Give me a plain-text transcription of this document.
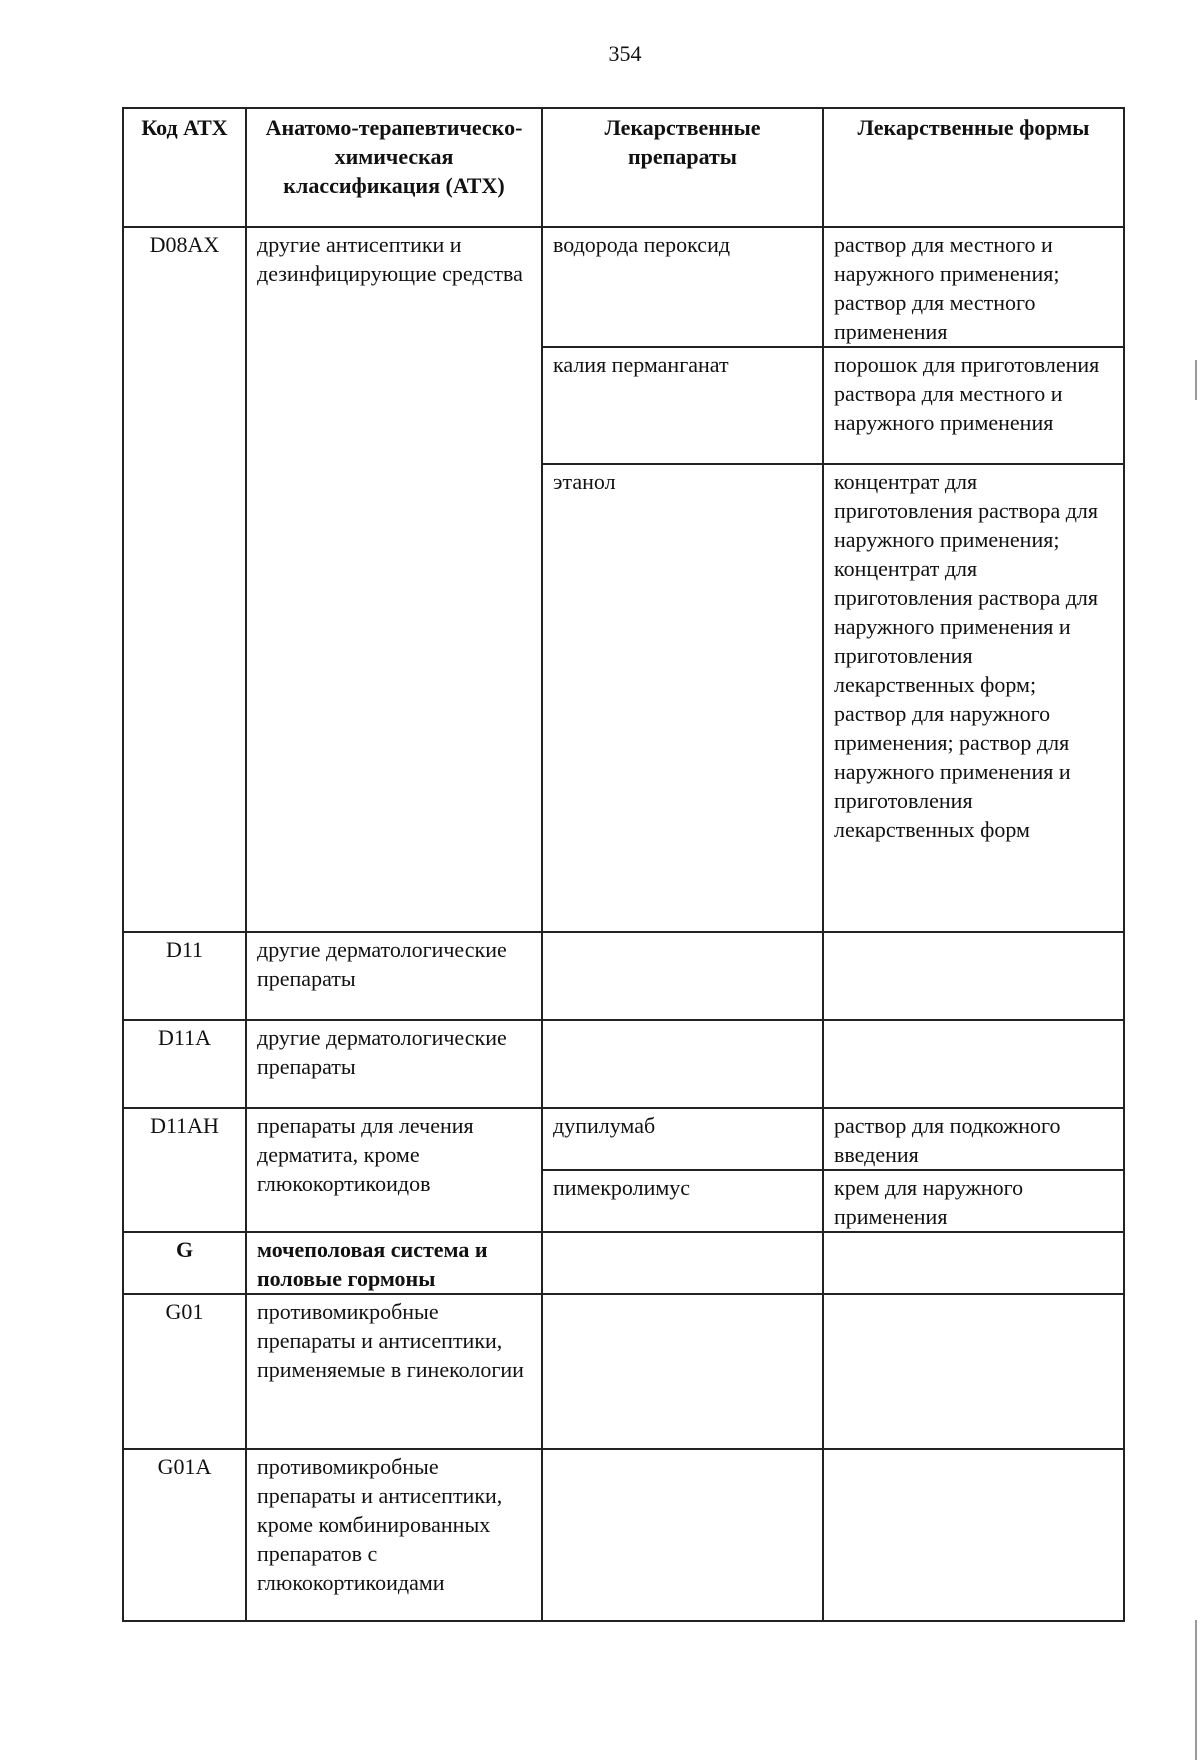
354
Код АТХ	Анатомо-терапевтическо-химическая классификация (АТХ)	Лекарственные препараты	Лекарственные формы
D08AX	другие антисептики и дезинфицирующие средства	водорода пероксид	раствор для местного и наружного применения; раствор для местного применения
		калия перманганат	порошок для приготовления раствора для местного и наружного применения
		этанол	концентрат для приготовления раствора для наружного применения; концентрат для приготовления раствора для наружного применения и приготовления лекарственных форм; раствор для наружного применения; раствор для наружного применения и приготовления лекарственных форм
D11	другие дерматологические препараты		
D11A	другие дерматологические препараты		
D11AH	препараты для лечения дерматита, кроме глюкокортикоидов	дупилумаб	раствор для подкожного введения
		пимекролимус	крем для наружного применения
G	мочеполовая система и половые гормоны		
G01	противомикробные препараты и антисептики, применяемые в гинекологии		
G01A	противомикробные препараты и антисептики, кроме комбинированных препаратов с глюкокортикоидами		
